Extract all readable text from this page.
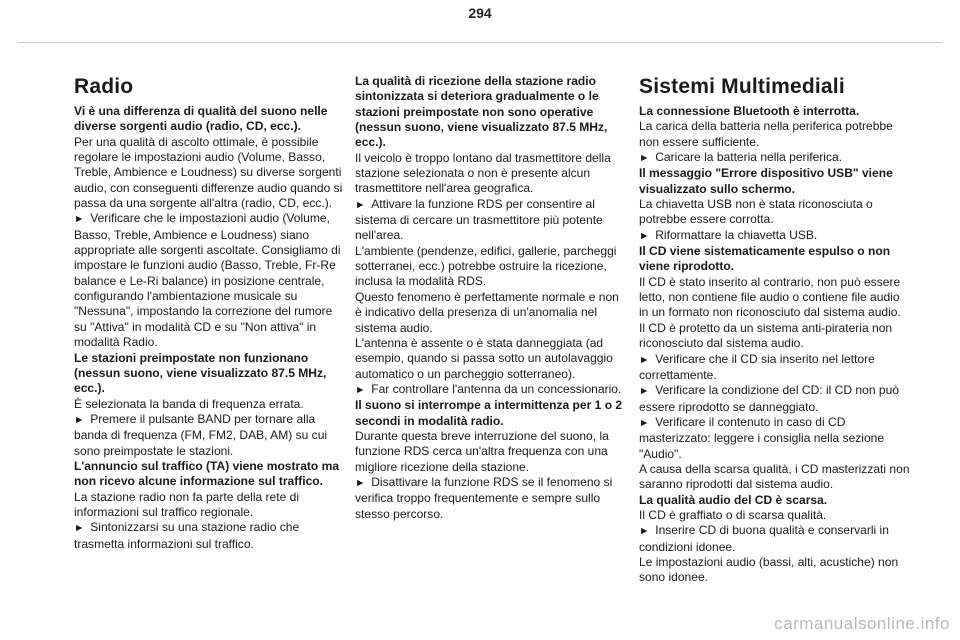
294
Radio

Vi è una differenza di qualità del suono nelle diverse sorgenti audio (radio, CD, ecc.).

Per una qualità di ascolto ottimale, è possibile regolare le impostazioni audio (Volume, Basso, Treble, Ambience e Loudness) su diverse sorgenti audio, con conseguenti differenze audio quando si passa da una sorgente all'altra (radio, CD, ecc.).

►  Verificare che le impostazioni audio (Volume, Basso, Treble, Ambience e Loudness) siano appropriate alle sorgenti ascoltate. Consigliamo di impostare le funzioni audio (Basso, Treble, Fr-Re balance e Le-Ri balance) in posizione centrale, configurando l'ambientazione musicale su "Nessuna", impostando la correzione del rumore su "Attiva" in modalità CD e su "Non attiva" in modalità Radio.

Le stazioni preimpostate non funzionano (nessun suono, viene visualizzato 87.5 MHz, ecc.).

È selezionata la banda di frequenza errata.

►  Premere il pulsante BAND per tornare alla banda di frequenza (FM, FM2, DAB, AM) su cui sono preimpostate le stazioni.

L'annuncio sul traffico (TA) viene mostrato ma non ricevo alcune informazione sul traffico.

La stazione radio non fa parte della rete di informazioni sul traffico regionale.

►  Sintonizzarsi su una stazione radio che trasmetta informazioni sul traffico.

La qualità di ricezione della stazione radio sintonizzata si deteriora gradualmente o le stazioni preimpostate non sono operative (nessun suono, viene visualizzato 87.5 MHz, ecc.).

Il veicolo è troppo lontano dal trasmettitore della stazione selezionata o non è presente alcun trasmettitore nell'area geografica.

►  Attivare la funzione RDS per consentire al sistema di cercare un trasmettitore più potente nell'area.

L'ambiente (pendenze, edifici, gallerie, parcheggi sotterranei, ecc.) potrebbe ostruire la ricezione, inclusa la modalità RDS.

Questo fenomeno è perfettamente normale e non è indicativo della presenza di un'anomalia nel sistema audio.

L'antenna è assente o è stata danneggiata (ad esempio, quando si passa sotto un autolavaggio automatico o un parcheggio sotterraneo).

►  Far controllare l'antenna da un concessionario.

Il suono si interrompe a intermittenza per 1 o 2 secondi in modalità radio.

Durante questa breve interruzione del suono, la funzione RDS cerca un'altra frequenza con una migliore ricezione della stazione.

►  Disattivare la funzione RDS se il fenomeno si verifica troppo frequentemente e sempre sullo stesso percorso.

Sistemi Multimediali

La connessione Bluetooth è interrotta.

La carica della batteria nella periferica potrebbe non essere sufficiente.

►  Caricare la batteria nella periferica.

Il messaggio "Errore dispositivo USB" viene visualizzato sullo schermo.

La chiavetta USB non è stata riconosciuta o potrebbe essere corrotta.

►  Riformattare la chiavetta USB.

Il CD viene sistematicamente espulso o non viene riprodotto.

Il CD è stato inserito al contrario, non può essere letto, non contiene file audio o contiene file audio in un formato non riconosciuto dal sistema audio.

Il CD è protetto da un sistema anti-pirateria non riconosciuto dal sistema audio.

►  Verificare che il CD sia inserito nel lettore correttamente.

►  Verificare la condizione del CD: il CD non può essere riprodotto se danneggiato.

►  Verificare il contenuto in caso di CD masterizzato: leggere i consiglia nella sezione "Audio".

A causa della scarsa qualità, i CD masterizzati non saranno riprodotti dal sistema audio.

La qualità audio del CD è scarsa.

Il CD è graffiato o di scarsa qualità.

►  Inserire CD di buona qualità e conservarli in condizioni idonee.

Le impostazioni audio (bassi, alti, acustiche) non sono idonee.

carmanualsonline.info
